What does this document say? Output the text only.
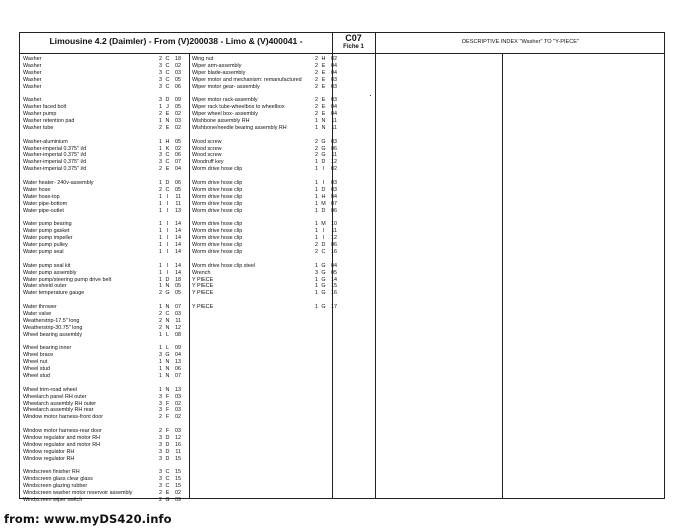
Limousine 4.2 (Daimler) - From (V)200038 - Limo & (V)400041 -	C07
Fiche 1
DESCRIPTIVE INDEX "Washer" TO "Y-PIECE"
Washer	2 C	18
Washer	3 C	02
Washer	3 C	03
Washer	3 C	05
Washer	3 C	06
Washer	3 D	09
Washer faced bolt	1 J	05
Washer pump	2 E	02
Washer retention pad	1 N	03
Washer tube	2 E	02
Washer-aluminium	1 H	05
Washer-imperial 0.375" i/d	1 K	02
Washer-imperial 0.375" i/d	3 C	06
Washer-imperial 0.375" i/d	3 C	07
Washer-imperial 0.375" i/d	2 E	04
Water heater- 240v-assembly	1 D	06
Water hose	2 C	05
Water hose-top	1 I	11
Water pipe-bottom	1 I	11
Water pipe-outlet	1 I	13
Water pump bearing	1 I	14
Water pump gasket	1 I	14
Water pump impeller	1 I	14
Water pump pulley	1 I	14
Water pump seal	1 I	14
Water pump seal kit	1 I	14
Water pump assembly	1 I	14
Water pump/steering pump drive belt	1 D	18
Water shield outer	1 N	05
Water temperature gauge	2 G	05
Water thrower	1 N	07
Water valve	2 C	03
Weatherstrip-17.5" long	2 N	11
Weatherstrip-30.75" long	2 N	12
Wheel bearing assembly	1 L	08
Wheel bearing inner	1 L	09
Wheel brace	3 G	04
Wheel nut	1 N	13
Wheel stud	1 N	06
Wheel stud	1 N	07
Wheel trim-road wheel	1 N	13
Wheelarch panel RH outer	3 F	03
Wheelarch assembly RH outer	3 F	02
Wheelarch assembly RH rear	3 F	03
Window motor harness-front door	2 F	02
Window motor harness-rear door	2 F	03
Window regulator and motor RH	3 D	12
Window regulator and motor RH	3 D	16
Window regulator RH	3 D	11
Window regulator RH	3 D	15
Windscreen finisher RH	3 C	15
Windscreen glass clear glass	3 C	15
Windscreen glazing rubber	3 C	15
Windscreen washer motor reservoir assembly	2 E	02
Windscreen wiper switch	2 G	09
Wing nut	2 H	02
Wiper arm-assembly	2 E	04
Wiper blade-assembly	2 E	04
Wiper motor and mechanism: remanufactured	2 E	03
Wiper motor gear- assembly	2 E	03
Wiper motor rack-assembly	2 E	03
Wiper rack tube-wheelbox to wheelbox	2 E	04
Wiper wheel box- assembly	2 E	04
Wishbone assembly RH	1 N	11
Wishbone/needle bearing assembly RH	1 N	11
Wood screw	2 G	03
Wood screw	2 G	06
Wood screw	2 G	11
Woodruff key	1 D	12
Worm drive hose clip	1 I	02
Worm drive hose clip	1 I	03
Worm drive hose clip	1 D	03
Worm drive hose clip	1 H	04
Worm drive hose clip	1 M 07
Worm drive hose clip	1 D	06
Worm drive hose clip	1 M 10
Worm drive hose clip	1 I	11
Worm drive hose clip	1 I	12
Worm drive hose clip	2 D	06
Worm drive hose clip	2 C	16
Worm drive hose clip steel	1 G	04
Wrench	3 G	05
Y PIECE	1 G	14
Y PIECE	1 G	15
Y PIECE	1 G	16
Y PIECE	1 G	17
from: www.myDS420.info
